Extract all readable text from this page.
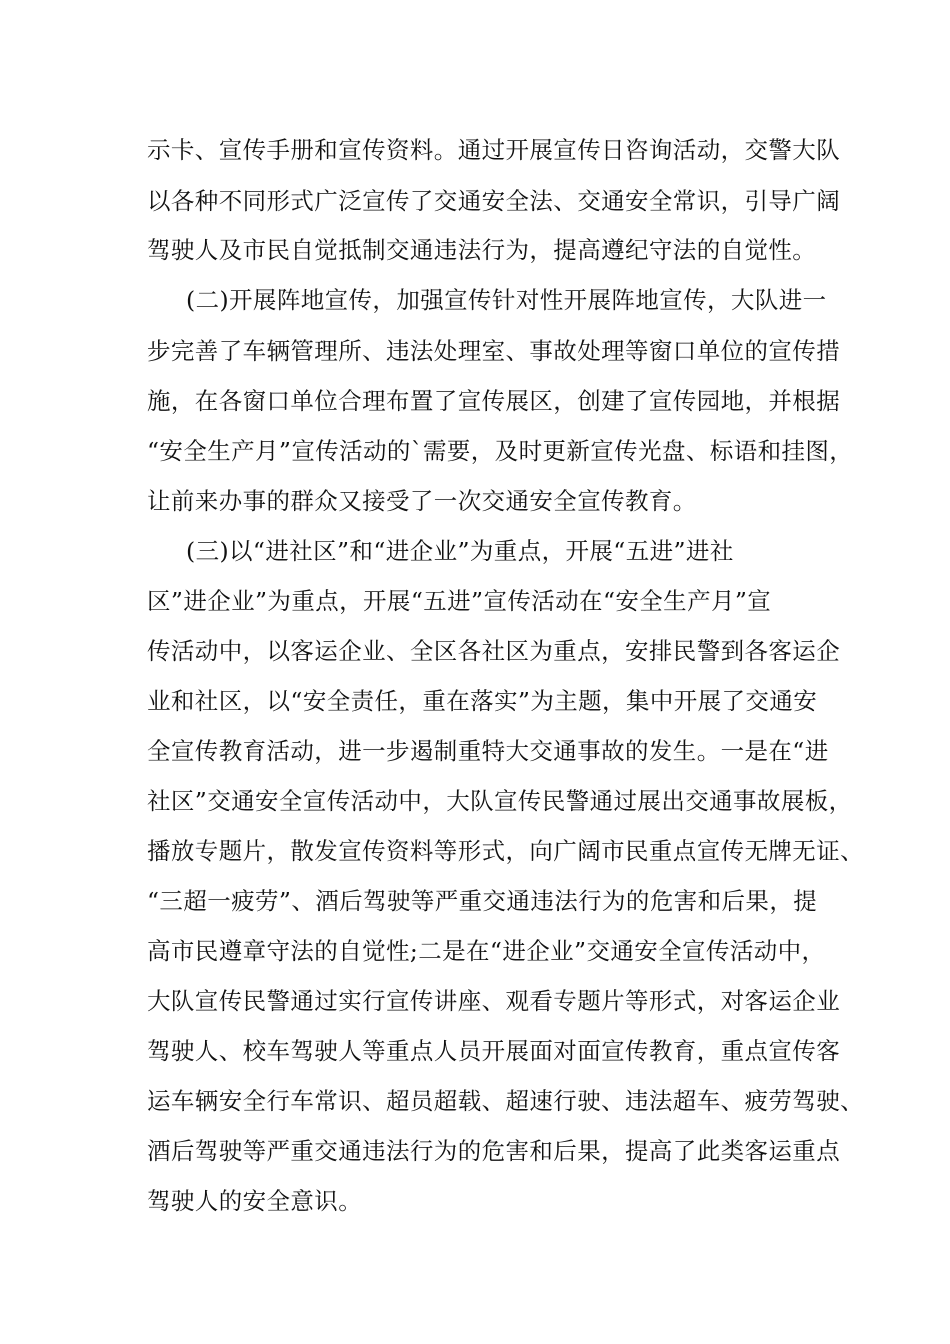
示卡、宣传手册和宣传资料。通过开展宣传日咨询活动，交警大队
以各种不同形式广泛宣传了交通安全法、交通安全常识，引导广阔
驾驶人及市民自觉抵制交通违法行为，提高遵纪守法的自觉性。
(二)开展阵地宣传，加强宣传针对性开展阵地宣传，大队进一
步完善了车辆管理所、违法处理室、事故处理等窗口单位的宣传措
施，在各窗口单位合理布置了宣传展区，创建了宣传园地，并根据
“安全生产月”宣传活动的`需要，及时更新宣传光盘、标语和挂图，
让前来办事的群众又接受了一次交通安全宣传教育。
(三)以“进社区”和“进企业”为重点，开展“五进”进社
区”进企业”为重点，开展“五进”宣传活动在“安全生产月”宣
传活动中，以客运企业、全区各社区为重点，安排民警到各客运企
业和社区，以“安全责任，重在落实”为主题，集中开展了交通安
全宣传教育活动，进一步遏制重特大交通事故的发生。一是在“进
社区”交通安全宣传活动中，大队宣传民警通过展出交通事故展板，
播放专题片，散发宣传资料等形式，向广阔市民重点宣传无牌无证、
“三超一疲劳”、酒后驾驶等严重交通违法行为的危害和后果，提
高市民遵章守法的自觉性;二是在“进企业”交通安全宣传活动中，
大队宣传民警通过实行宣传讲座、观看专题片等形式，对客运企业
驾驶人、校车驾驶人等重点人员开展面对面宣传教育，重点宣传客
运车辆安全行车常识、超员超载、超速行驶、违法超车、疲劳驾驶、
酒后驾驶等严重交通违法行为的危害和后果，提高了此类客运重点
驾驶人的安全意识。
